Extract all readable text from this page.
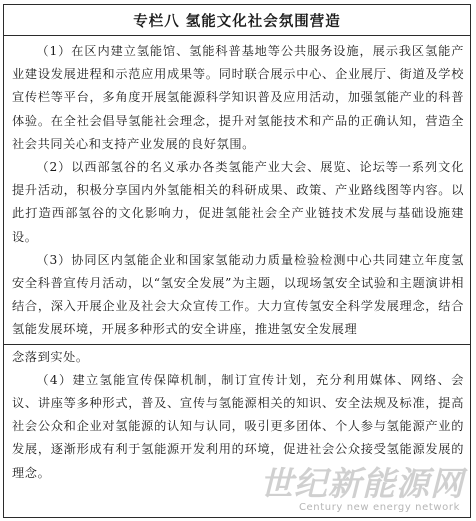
专栏八 氢能文化社会氛围营造

（1）在区内建立氢能馆、氢能科普基地等公共服务设施，展示我区氢能产业建设发展进程和示范应用成果等。同时联合展示中心、企业展厅、街道及学校宣传栏等平台，多角度开展氢能源科学知识普及应用活动，加强氢能产业的科普体验。在全社会倡导氢能社会理念，提升对氢能技术和产品的正确认知，营造全社会共同关心和支持产业发展的良好氛围。

（2）以西部氢谷的名义承办各类氢能产业大会、展览、论坛等一系列文化提升活动，积极分享国内外氢能相关的科研成果、政策、产业路线图等内容。以此打造西部氢谷的文化影响力，促进氢能社会全产业链技术发展与基础设施建设。

（3）协同区内氢能企业和国家氢能动力质量检验检测中心共同建立年度氢安全科普宣传月活动，以“氢安全发展”为主题，以现场氢安全试验和主题演讲相结合，深入开展企业及社会大众宣传工作。大力宣传氢安全科学发展理念，结合氢能发展环境，开展多种形式的安全讲座，推进氢安全发展理

念落到实处。

（4）建立氢能宣传保障机制，制订宣传计划，充分利用媒体、网络、会议、讲座等多种形式，普及、宣传与氢能源相关的知识、安全法规及标准，提高社会公众和企业对氢能源的认知与认同，吸引更多团体、个人参与氢能源产业的发展，逐渐形成有利于氢能源开发利用的环境，促进社会公众接受氢能源发展的理念。	世纪新能源网
Century new energy network
